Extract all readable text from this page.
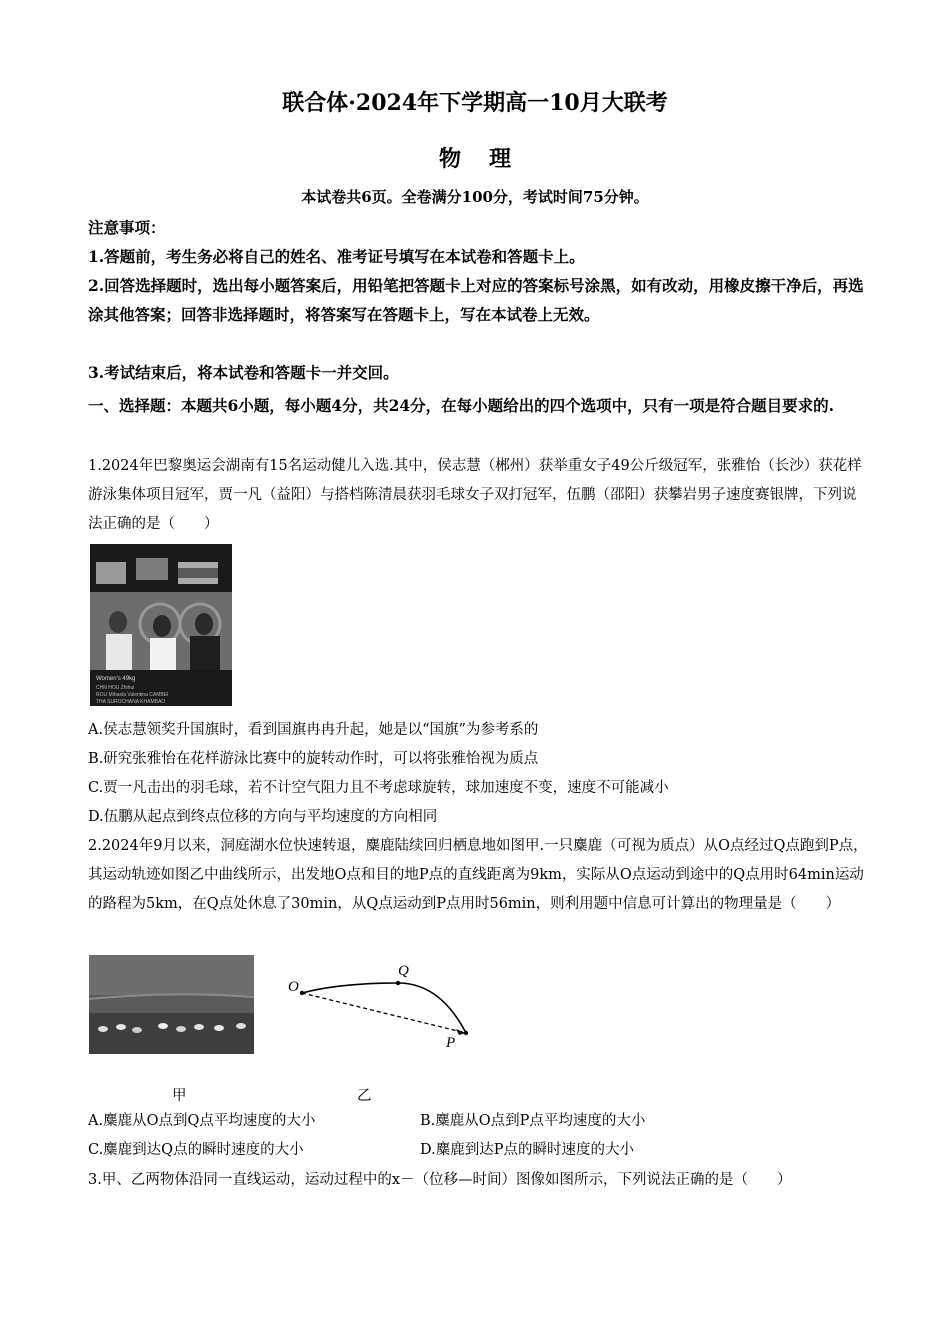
联合体·2024年下学期高一10月大联考
物理
本试卷共6页。全卷满分100分，考试时间75分钟。
注意事项：
1.答题前，考生务必将自己的姓名、准考证号填写在本试卷和答题卡上。
2.回答选择题时，选出每小题答案后，用铅笔把答题卡上对应的答案标号涂黑，如有改动，用橡皮擦干净后，再选涂其他答案；回答非选择题时，将答案写在答题卡上，写在本试卷上无效。
3.考试结束后，将本试卷和答题卡一并交回。
一、选择题：本题共6小题，每小题4分，共24分，在每小题给出的四个选项中，只有一项是符合题目要求的.
1.2024年巴黎奥运会湖南有15名运动健儿入选.其中，侯志慧（郴州）获举重女子49公斤级冠军，张雅怡（长沙）获花样游泳集体项目冠军，贾一凡（益阳）与搭档陈清晨获羽毛球女子双打冠军，伍鹏（邵阳）获攀岩男子速度赛银牌，下列说法正确的是（　　）
Women's 49kg
CHN HOU Zhihui
ROU Mihaela Valentina CAMBEI
THA SUROCHANA KHAMBAO
A.侯志慧领奖升国旗时，看到国旗冉冉升起，她是以“国旗”为参考系的
B.研究张雅怡在花样游泳比赛中的旋转动作时，可以将张雅怡视为质点
C.贾一凡击出的羽毛球，若不计空气阻力且不考虑球旋转，球加速度不变，速度不可能减小
D.伍鹏从起点到终点位移的方向与平均速度的方向相同
2.2024年9月以来，洞庭湖水位快速转退，麋鹿陆续回归栖息地如图甲.一只麋鹿（可视为质点）从O点经过Q点跑到P点，其运动轨迹如图乙中曲线所示，出发地O点和目的地P点的直线距离为9km，实际从O点运动到途中的Q点用时64min运动的路程为5km，在Q点处休息了30min，从Q点运动到P点用时56min，则利用题中信息可计算出的物理量是（　　）
O
Q
P
甲	乙
A.麋鹿从O点到Q点平均速度的大小	B.麋鹿从O点到P点平均速度的大小
C.麋鹿到达Q点的瞬时速度的大小	D.麋鹿到达P点的瞬时速度的大小
3.甲、乙两物体沿同一直线运动，运动过程中的x－（位移—时间）图像如图所示，下列说法正确的是（　　）
